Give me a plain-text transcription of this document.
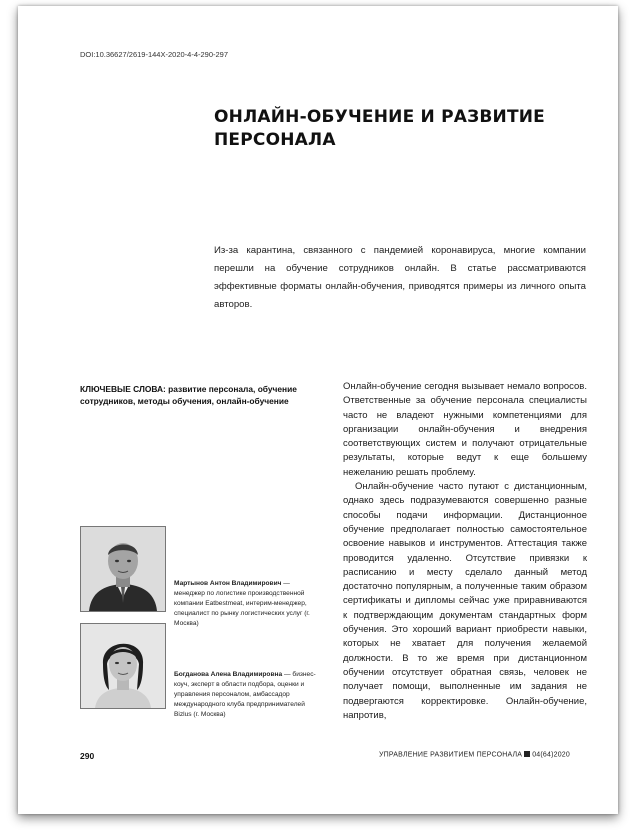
DOI:10.36627/2619-144X-2020-4-4-290-297
ОНЛАЙН-ОБУЧЕНИЕ И РАЗВИТИЕ ПЕРСОНАЛА
Из-за карантина, связанного с пандемией коронавируса, многие компании перешли на обучение сотрудников онлайн. В статье рассматриваются эффективные форматы онлайн-обучения, приводятся примеры из личного опыта авторов.
КЛЮЧЕВЫЕ СЛОВА: развитие персонала, обучение сотрудников, методы обучения, онлайн-обучение

Онлайн-обучение сегодня вызывает немало вопросов. Ответственные за обучение персонала специалисты часто не владеют нужными компетенциями для организации онлайн-обучения и внедрения соответствующих систем и получают отрицательные результаты, которые ведут к еще большему нежеланию решать проблему.

Онлайн-обучение часто путают с дистанционным, однако здесь подразумеваются совершенно разные способы подачи информации. Дистанционное обучение предполагает полностью самостоятельное освоение навыков и инструментов. Аттестация также проводится удаленно. Отсутствие привязки к расписанию и месту сделало данный метод достаточно популярным, а полученные таким образом сертификаты и дипломы сейчас уже приравниваются к подтверждающим документам стандартных форм обучения. Это хороший вариант приобрести навыки, которых не хватает для получения желаемой должности. В то же время при дистанционном обучении отсутствует обратная связь, человек не получает помощи, выполненные им задания не подвергаются корректировке. Онлайн-обучение, напротив,

Мартынов Антон Владимирович — менеджер по логистике производственной компании Eatbestmeat, интерим-менеджер, специалист по рынку логистических услуг (г. Москва)
Богданова Алена Владимировна — бизнес-коуч, эксперт в области подбора, оценки и управления персоналом, амбассадор международного клуба предпринимателей Bizlus (г. Москва)
290	УПРАВЛЕНИЕ РАЗВИТИЕМ ПЕРСОНАЛА 04(64)2020
